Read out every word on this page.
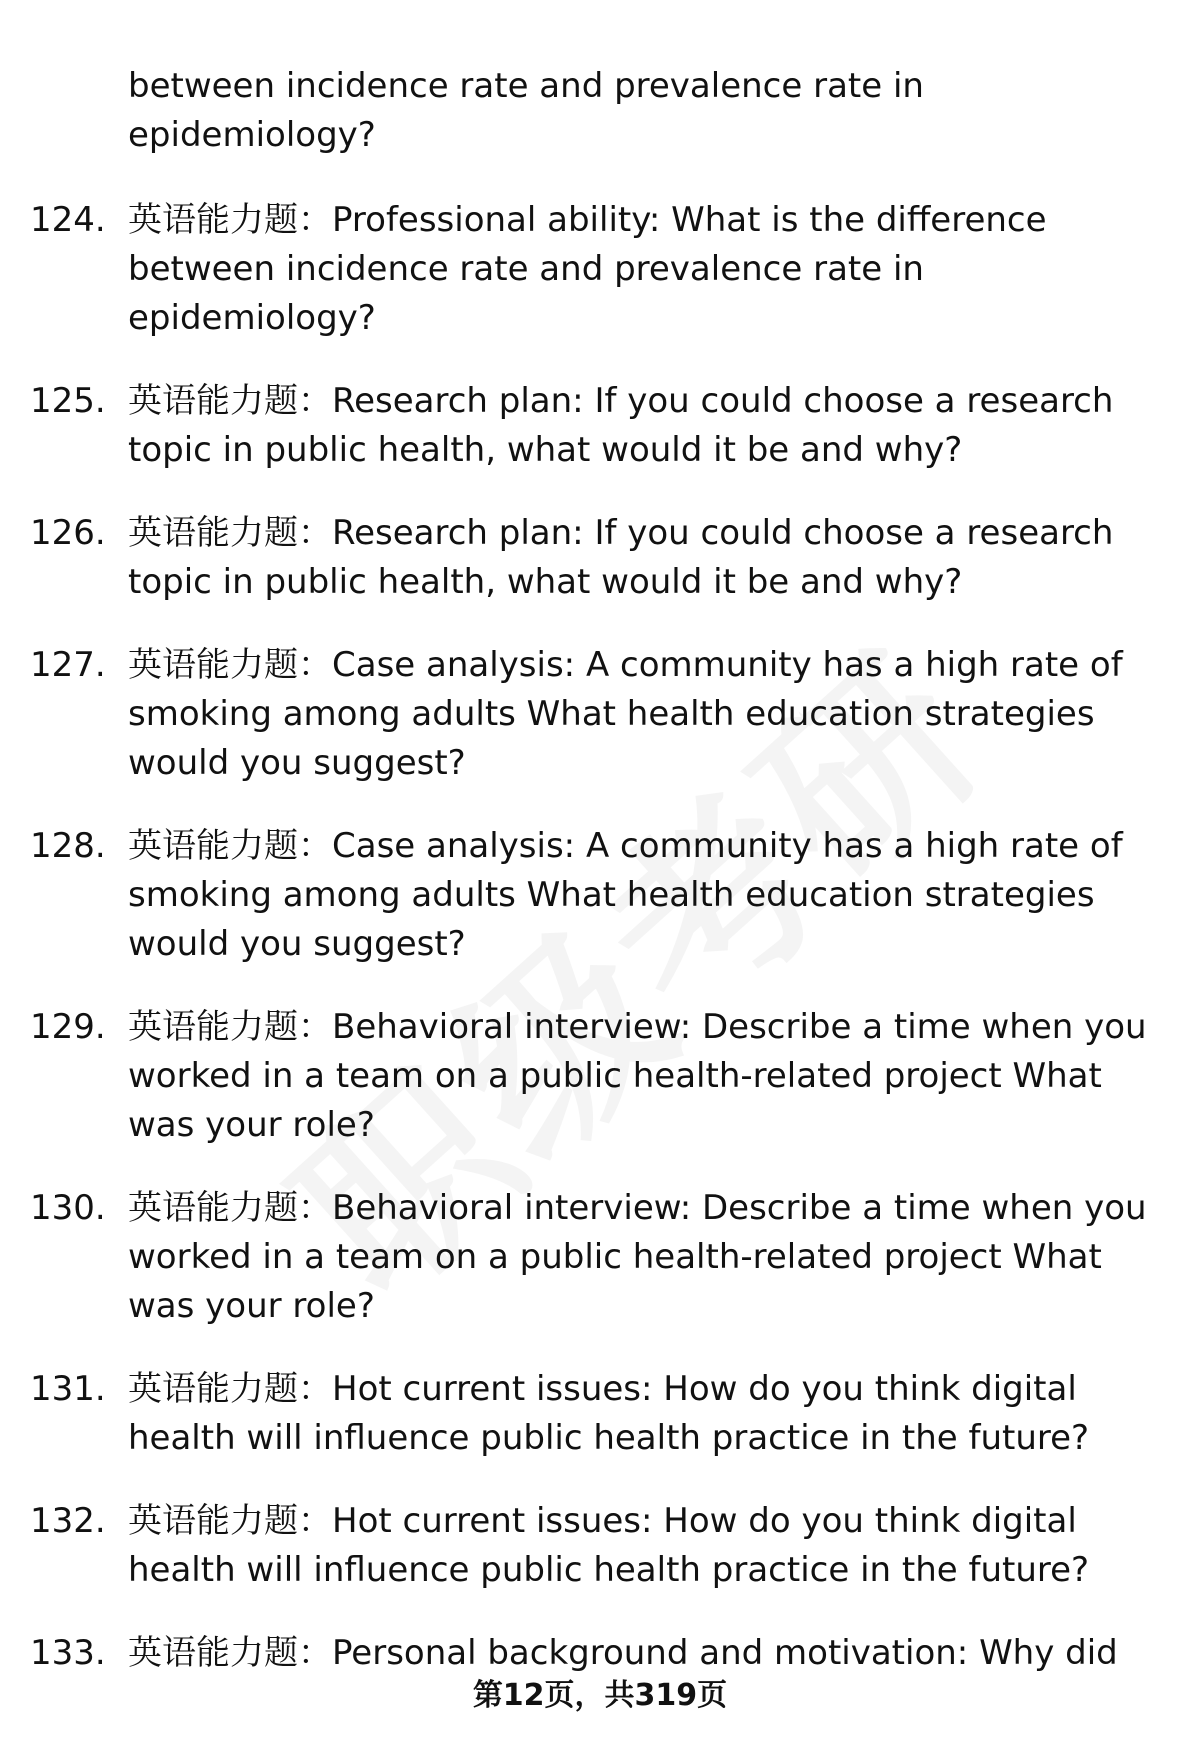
between incidence rate and prevalence rate in epidemiology?
124. 英语能力题：Professional ability: What is the difference between incidence rate and prevalence rate in epidemiology?
125. 英语能力题：Research plan: If you could choose a research topic in public health, what would it be and why?
126. 英语能力题：Research plan: If you could choose a research topic in public health, what would it be and why?
127. 英语能力题：Case analysis: A community has a high rate of smoking among adults What health education strategies would you suggest?
128. 英语能力题：Case analysis: A community has a high rate of smoking among adults What health education strategies would you suggest?
129. 英语能力题：Behavioral interview: Describe a time when you worked in a team on a public health-related project What was your role?
130. 英语能力题：Behavioral interview: Describe a time when you worked in a team on a public health-related project What was your role?
131. 英语能力题：Hot current issues: How do you think digital health will influence public health practice in the future?
132. 英语能力题：Hot current issues: How do you think digital health will influence public health practice in the future?
133. 英语能力题：Personal background and motivation: Why did
第12页，共319页
